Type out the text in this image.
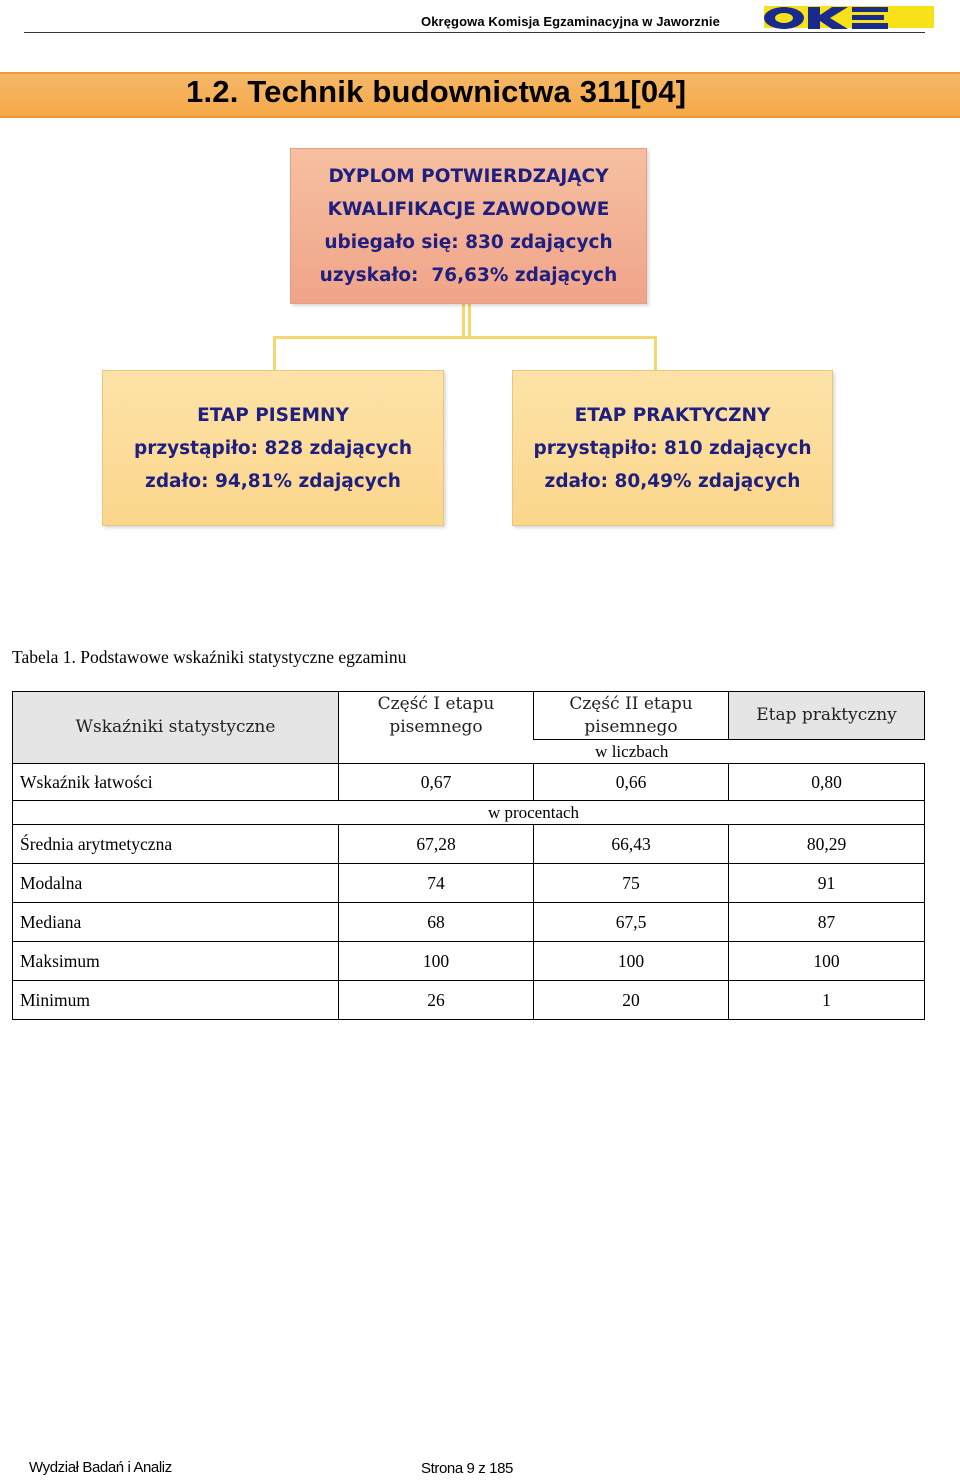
Okręgowa Komisja Egzaminacyjna w Jaworznie
1.2. Technik budownictwa 311[04]
DYPLOM POTWIERDZAJĄCY
KWALIFIKACJE ZAWODOWE
ubiegało się: 830 zdających
uzyskało:  76,63% zdających
ETAP PISEMNY
przystąpiło: 828 zdających
zdało: 94,81% zdających
ETAP PRAKTYCZNY
przystąpiło: 810 zdających
zdało: 80,49% zdających
Tabela 1. Podstawowe wskaźniki statystyczne egzaminu
Wskaźniki statystyczne	Część I etapu pisemnego	Część II etapu pisemnego	Etap praktyczny
	w liczbach		
Wskaźnik łatwości	0,67	0,66	0,80
	w procentach		
Średnia arytmetyczna	67,28	66,43	80,29
Modalna	74	75	91
Mediana	68	67,5	87
Maksimum	100	100	100
Minimum	26	20	1
Wydział Badań i Analiz	Strona 9 z 185
